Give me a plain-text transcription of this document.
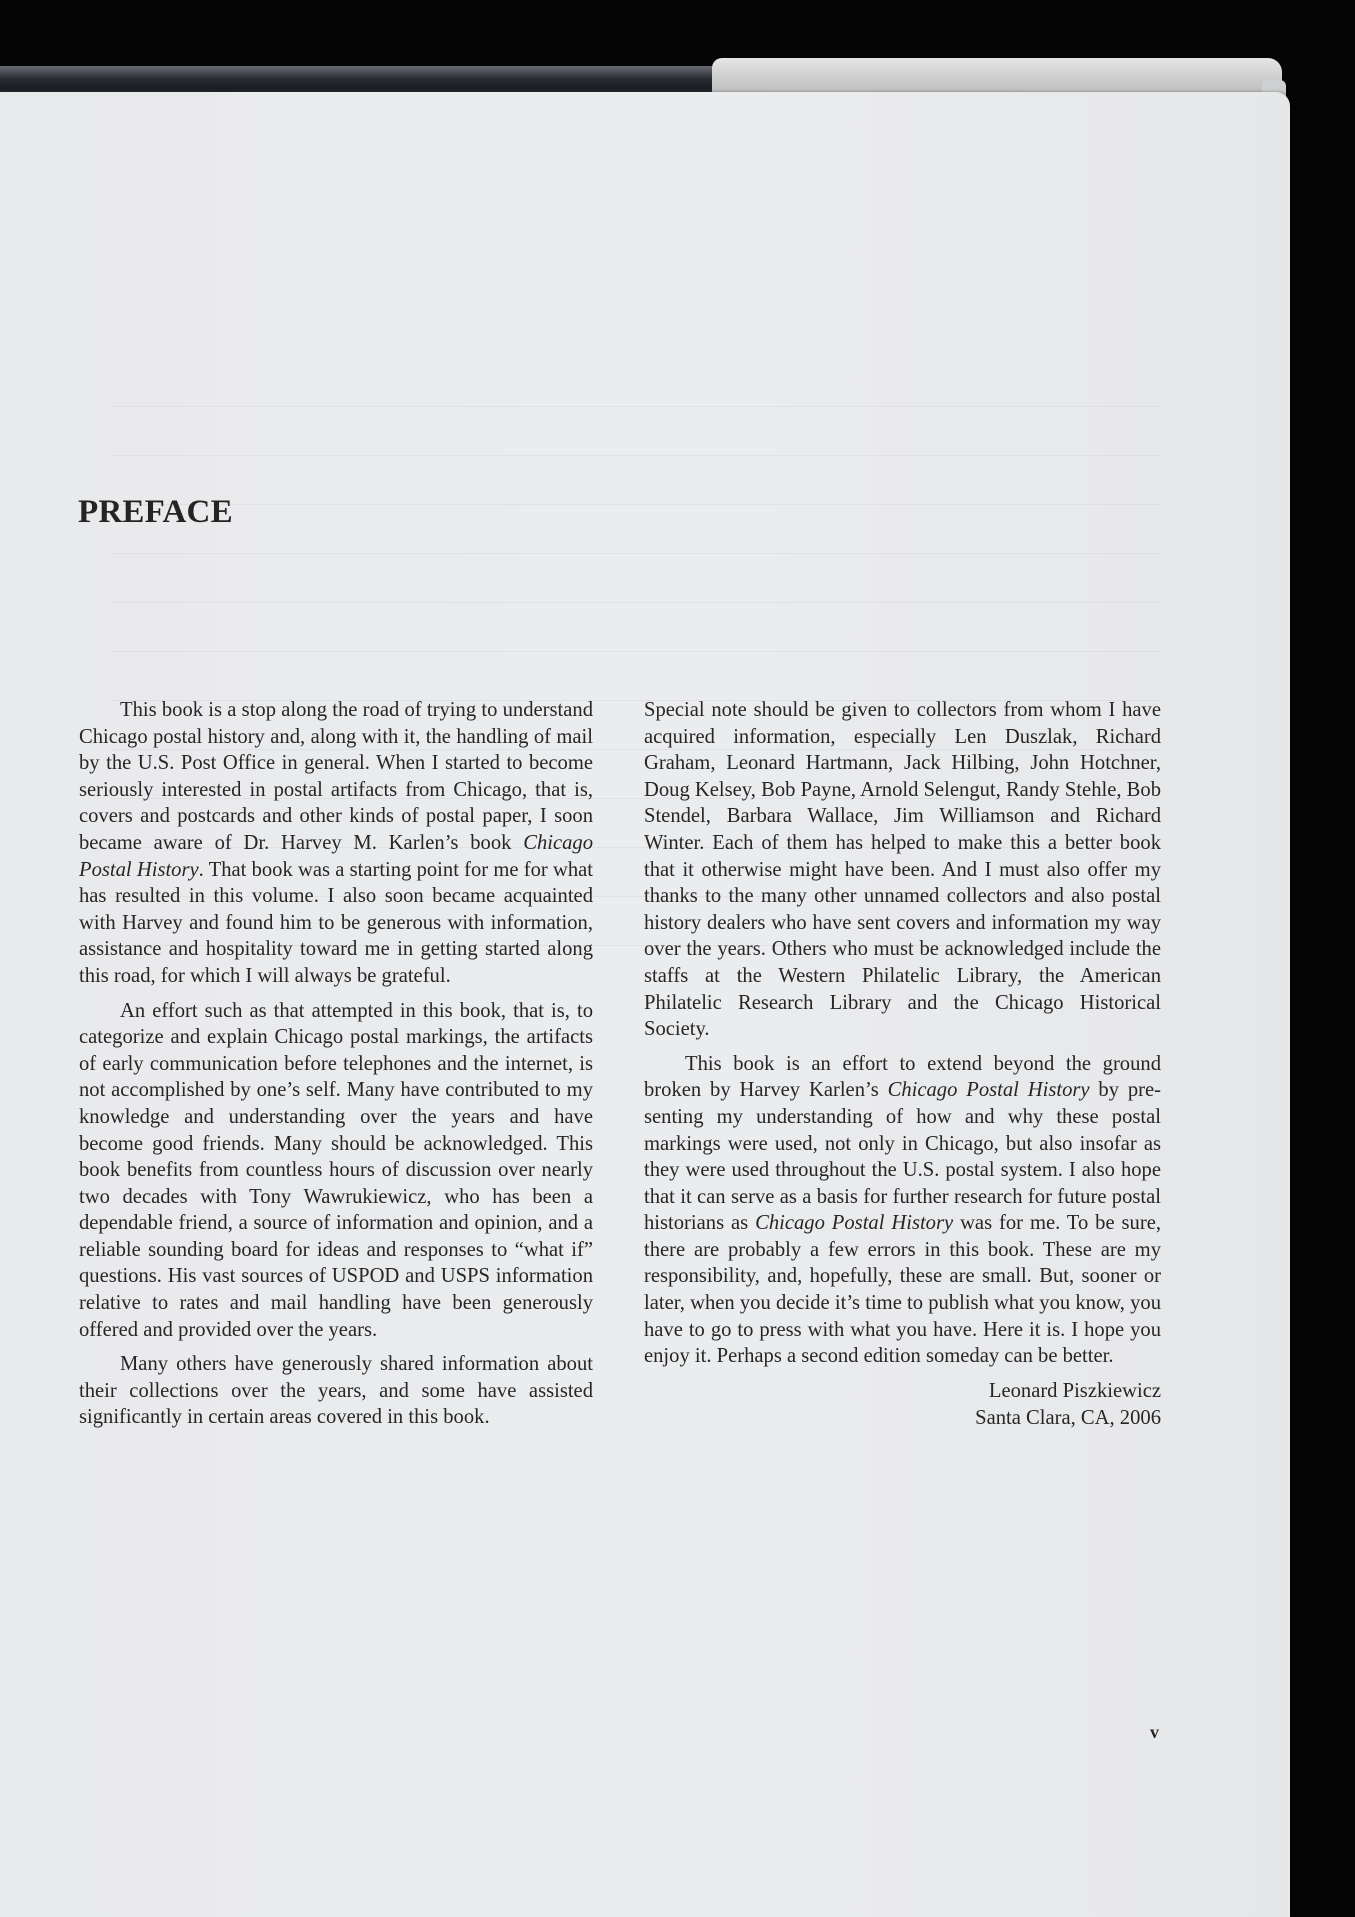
PREFACE

This book is a stop along the road of trying to understand Chicago postal history and, along with it, the handling of mail by the U.S. Post Office in general. When I started to become seriously interested in postal artifacts from Chicago, that is, covers and postcards and other kinds of postal paper, I soon became aware of Dr. Harvey M. Karlen’s book Chicago Postal History. That book was a starting point for me for what has resulted in this volume. I also soon became acquainted with Harvey and found him to be generous with information, assistance and hospitality toward me in getting started along this road, for which I will always be grateful.

An effort such as that attempted in this book, that is, to categorize and explain Chicago postal markings, the artifacts of early communication before telephones and the internet, is not accomplished by one’s self. Many have contributed to my knowledge and understanding over the years and have become good friends. Many should be acknowledged. This book benefits from countless hours of discussion over nearly two decades with Tony Wawrukiewicz, who has been a dependable friend, a source of information and opinion, and a reliable sounding board for ideas and responses to “what if” questions. His vast sources of USPOD and USPS information relative to rates and mail handling have been generously offered and provided over the years.

Many others have generously shared information about their collections over the years, and some have assisted significantly in certain areas covered in this book.

Special note should be given to collectors from whom I have acquired information, especially Len Duszlak, Richard Graham, Leonard Hartmann, Jack Hilbing, John Hotchner, Doug Kelsey, Bob Payne, Arnold Selengut, Randy Stehle, Bob Stendel, Barbara Wallace, Jim Williamson and Richard Winter. Each of them has helped to make this a better book that it otherwise might have been. And I must also offer my thanks to the many other unnamed collectors and also postal history dealers who have sent covers and information my way over the years. Others who must be acknowledged include the staffs at the Western Philatelic Library, the American Philatelic Research Library and the Chicago Historical Society.

This book is an effort to extend beyond the ground broken by Harvey Karlen’s Chicago Postal History by presenting my understanding of how and why these postal markings were used, not only in Chicago, but also insofar as they were used throughout the U.S. postal system. I also hope that it can serve as a basis for further research for future postal historians as Chicago Postal History was for me. To be sure, there are probably a few errors in this book. These are my responsibility, and, hopefully, these are small. But, sooner or later, when you decide it’s time to publish what you know, you have to go to press with what you have. Here it is. I hope you enjoy it. Perhaps a second edition someday can be better.

Leonard Piszkiewicz
Santa Clara, CA, 2006
v
